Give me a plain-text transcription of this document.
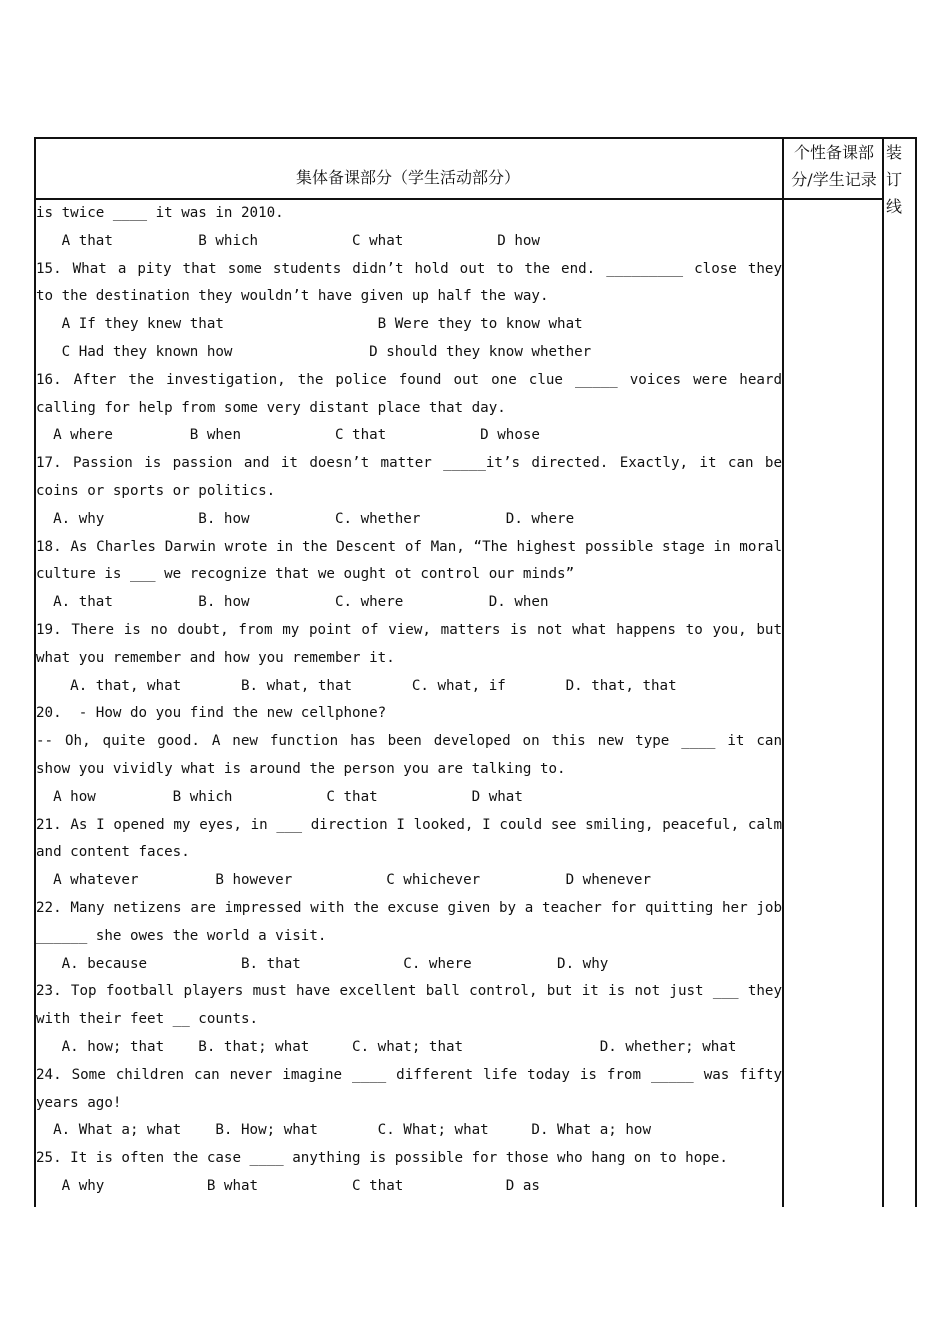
集体备课部分（学生活动部分）
个性备课部
分/学生记录
装
订
线
is twice ____ it was in 2010.
A that          B which           C what           D how
15. What a pity that some students didn’t hold out to the end. _________ close they
to the destination they wouldn’t have given up half the way.
A If they knew that                  B Were they to know what
C Had they known how                D should they know whether
16. After the investigation, the police found out one clue _____ voices were heard
calling for help from some very distant place that day.
A where         B when           C that           D whose
17. Passion is passion and it doesn’t matter _____it’s directed. Exactly, it can be
coins or sports or politics.
A. why           B. how          C. whether          D. where
18. As Charles Darwin wrote in the Descent of Man, “The highest possible stage in moral
culture is ___ we recognize that we ought ot control our minds”
A. that          B. how          C. where          D. when
19. There is no doubt, from my point of view, matters is not what happens to you, but
what you remember and how you remember it.
A. that, what       B. what, that       C. what, if       D. that, that
20.  - How do you find the new cellphone?
-- Oh, quite good. A new function has been developed on this new type ____ it can
show you vividly what is around the person you are talking to.
A how         B which           C that           D what
21. As I opened my eyes, in ___ direction I looked, I could see smiling, peaceful, calm
and content faces.
A whatever         B however           C whichever          D whenever
22. Many netizens are impressed with the excuse given by a teacher for quitting her job
______ she owes the world a visit.
A. because           B. that            C. where          D. why
23. Top football players must have excellent ball control, but it is not just ___ they
with their feet __ counts.
A. how; that    B. that; what     C. what; that                D. whether; what
24. Some children can never imagine ____ different life today is from _____ was fifty
years ago!
A. What a; what    B. How; what       C. What; what     D. What a; how
25. It is often the case ____ anything is possible for those who hang on to hope.
A why            B what           C that            D as
